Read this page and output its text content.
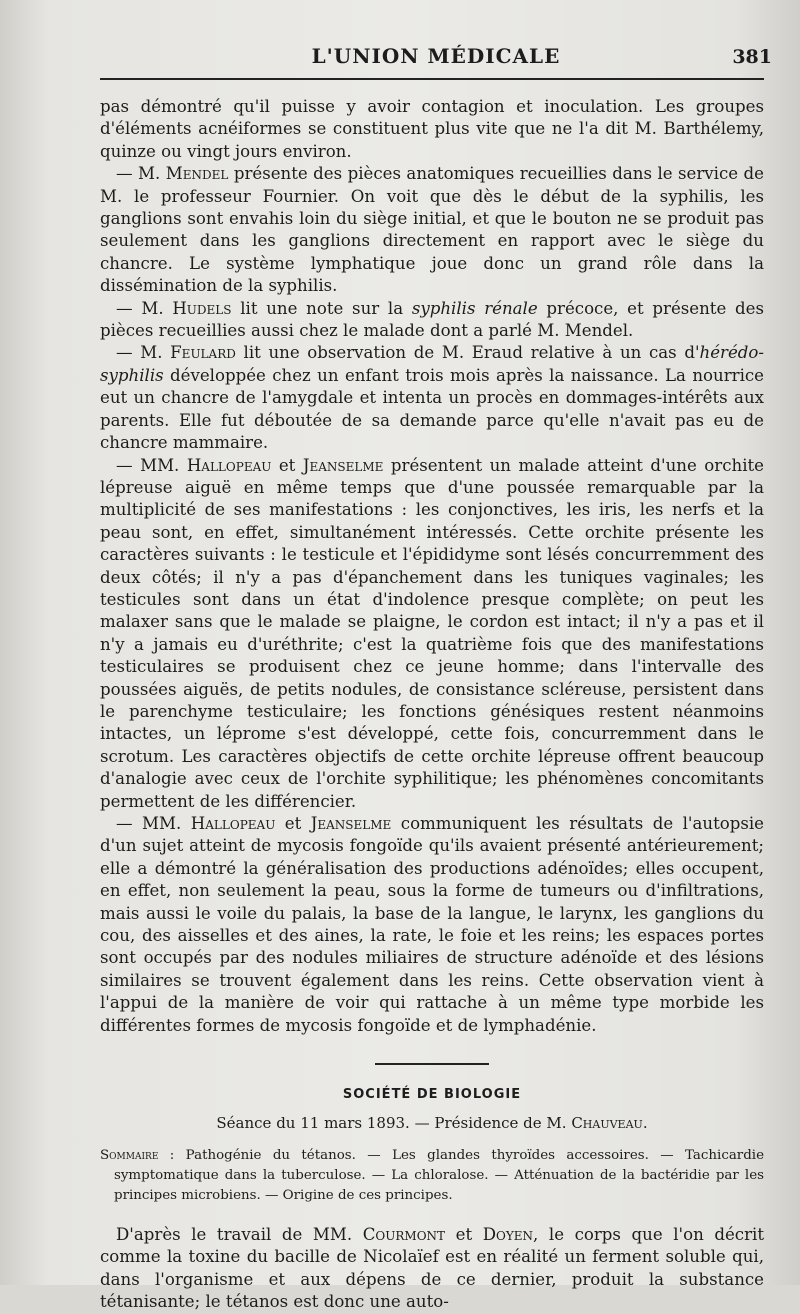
L'UNION MÉDICALE	381

pas démontré qu'il puisse y avoir contagion et inoculation. Les groupes d'éléments acnéiformes se constituent plus vite que ne l'a dit M. Barthélemy, quinze ou vingt jours environ.

— M. Mendel présente des pièces anatomiques recueillies dans le service de M. le professeur Fournier. On voit que dès le début de la syphilis, les ganglions sont envahis loin du siège initial, et que le bouton ne se produit pas seulement dans les ganglions directement en rapport avec le siège du chancre. Le système lymphatique joue donc un grand rôle dans la dissémination de la syphilis.

— M. Hudels lit une note sur la syphilis rénale précoce, et présente des pièces recueillies aussi chez le malade dont a parlé M. Mendel.

— M. Feulard lit une observation de M. Eraud relative à un cas d'hérédo-syphilis développée chez un enfant trois mois après la naissance. La nourrice eut un chancre de l'amygdale et intenta un procès en dommages-intérêts aux parents. Elle fut déboutée de sa demande parce qu'elle n'avait pas eu de chancre mammaire.

— MM. Hallopeau et Jeanselme présentent un malade atteint d'une orchite lépreuse aiguë en même temps que d'une poussée remarquable par la multiplicité de ses manifestations : les conjonctives, les iris, les nerfs et la peau sont, en effet, simultanément intéressés. Cette orchite présente les caractères suivants : le testicule et l'épididyme sont lésés concurremment des deux côtés; il n'y a pas d'épanchement dans les tuniques vaginales; les testicules sont dans un état d'indolence presque complète; on peut les malaxer sans que le malade se plaigne, le cordon est intact; il n'y a pas et il n'y a jamais eu d'uréthrite; c'est la quatrième fois que des manifestations testiculaires se produisent chez ce jeune homme; dans l'intervalle des poussées aiguës, de petits nodules, de consistance scléreuse, persistent dans le parenchyme testiculaire; les fonctions génésiques restent néanmoins intactes, un léprome s'est développé, cette fois, concurremment dans le scrotum. Les caractères objectifs de cette orchite lépreuse offrent beaucoup d'analogie avec ceux de l'orchite syphilitique; les phénomènes concomitants permettent de les différencier.

— MM. Hallopeau et Jeanselme communiquent les résultats de l'autopsie d'un sujet atteint de mycosis fongoïde qu'ils avaient présenté antérieurement; elle a démontré la généralisation des productions adénoïdes; elles occupent, en effet, non seulement la peau, sous la forme de tumeurs ou d'infiltrations, mais aussi le voile du palais, la base de la langue, le larynx, les ganglions du cou, des aisselles et des aines, la rate, le foie et les reins; les espaces portes sont occupés par des nodules miliaires de structure adénoïde et des lésions similaires se trouvent également dans les reins. Cette observation vient à l'appui de la manière de voir qui rattache à un même type morbide les différentes formes de mycosis fongoïde et de lymphadénie.

SOCIÉTÉ DE BIOLOGIE
Séance du 11 mars 1893. — Présidence de M. Chauveau.
Sommaire : Pathogénie du tétanos. — Les glandes thyroïdes accessoires. — Tachicardie symptomatique dans la tuberculose. — La chloralose. — Atténuation de la bactéridie par les principes microbiens. — Origine de ces principes.

D'après le travail de MM. Courmont et Doyen, le corps que l'on décrit comme la toxine du bacille de Nicolaïef est en réalité un ferment soluble qui, dans l'organisme et aux dépens de ce dernier, produit la substance tétanisante; le tétanos est donc une auto-
